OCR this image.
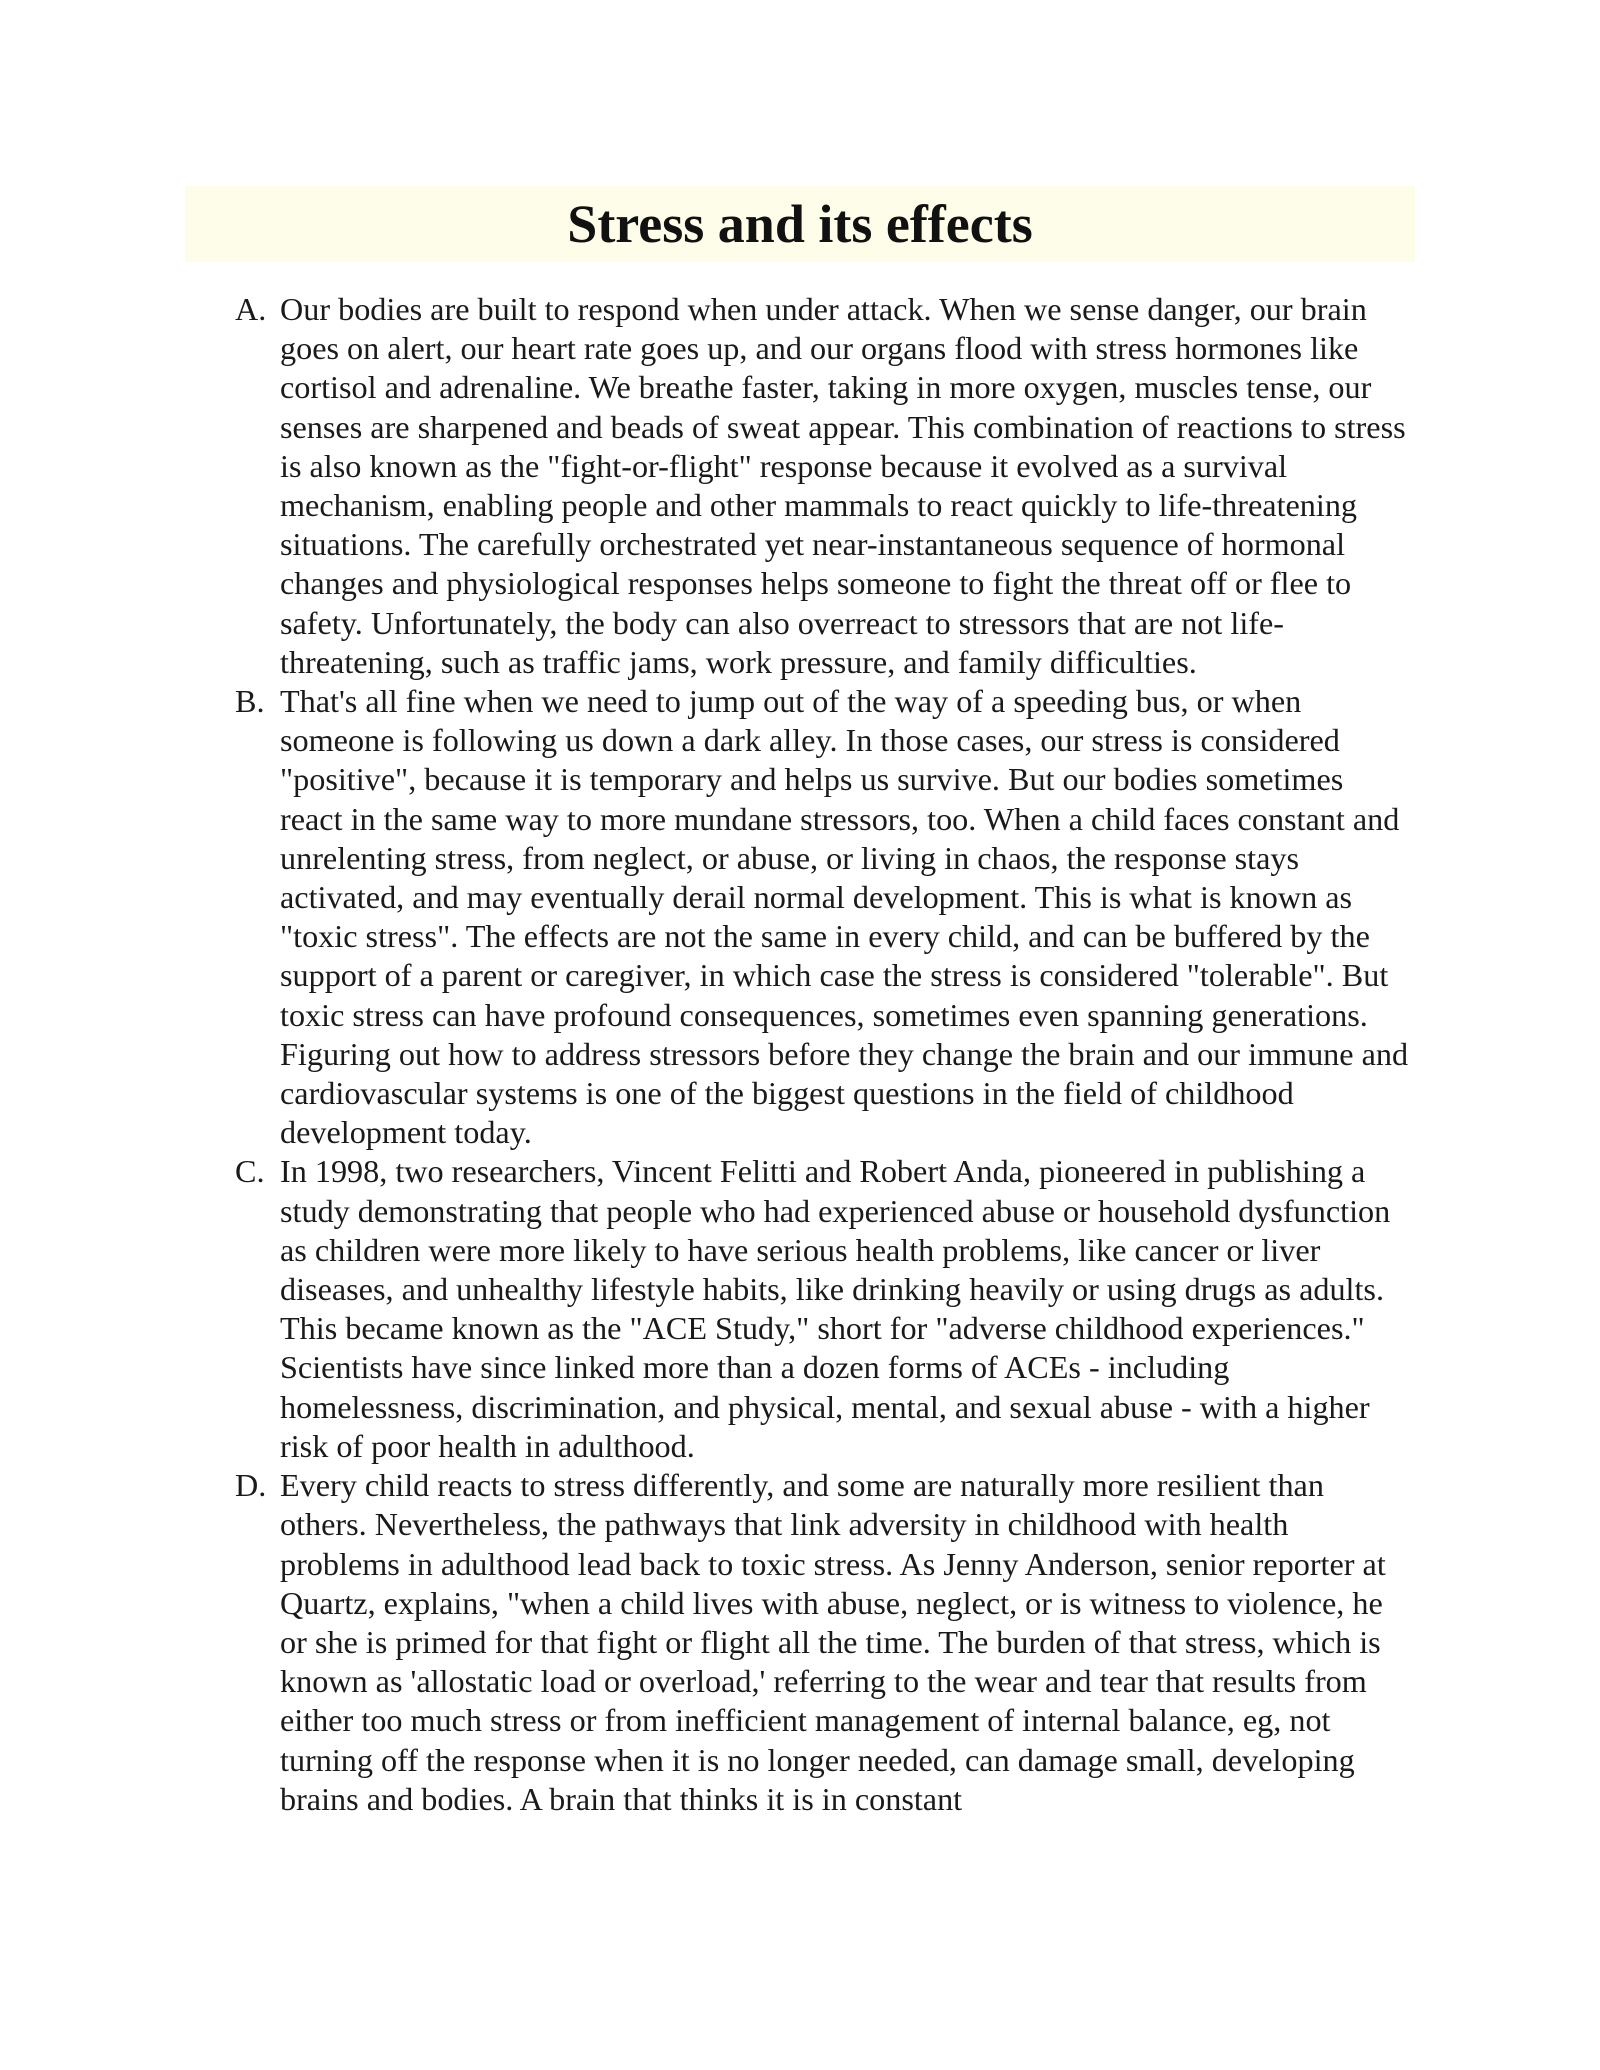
Stress and its effects
A. Our bodies are built to respond when under attack. When we sense danger, our brain goes on alert, our heart rate goes up, and our organs flood with stress hormones like cortisol and adrenaline. We breathe faster, taking in more oxygen, muscles tense, our senses are sharpened and beads of sweat appear. This combination of reactions to stress is also known as the "fight-or-flight" response because it evolved as a survival mechanism, enabling people and other mammals to react quickly to life-threatening situations. The carefully orchestrated yet near-instantaneous sequence of hormonal changes and physiological responses helps someone to fight the threat off or flee to safety. Unfortunately, the body can also overreact to stressors that are not life-threatening, such as traffic jams, work pressure, and family difficulties.
B. That's all fine when we need to jump out of the way of a speeding bus, or when someone is following us down a dark alley. In those cases, our stress is considered "positive", because it is temporary and helps us survive. But our bodies sometimes react in the same way to more mundane stressors, too. When a child faces constant and unrelenting stress, from neglect, or abuse, or living in chaos, the response stays activated, and may eventually derail normal development. This is what is known as "toxic stress". The effects are not the same in every child, and can be buffered by the support of a parent or caregiver, in which case the stress is considered "tolerable". But toxic stress can have profound consequences, sometimes even spanning generations. Figuring out how to address stressors before they change the brain and our immune and cardiovascular systems is one of the biggest questions in the field of childhood development today.
C. In 1998, two researchers, Vincent Felitti and Robert Anda, pioneered in publishing a study demonstrating that people who had experienced abuse or household dysfunction as children were more likely to have serious health problems, like cancer or liver diseases, and unhealthy lifestyle habits, like drinking heavily or using drugs as adults. This became known as the "ACE Study," short for "adverse childhood experiences." Scientists have since linked more than a dozen forms of ACEs - including homelessness, discrimination, and physical, mental, and sexual abuse - with a higher risk of poor health in adulthood.
D. Every child reacts to stress differently, and some are naturally more resilient than others. Nevertheless, the pathways that link adversity in childhood with health problems in adulthood lead back to toxic stress. As Jenny Anderson, senior reporter at Quartz, explains, "when a child lives with abuse, neglect, or is witness to violence, he or she is primed for that fight or flight all the time. The burden of that stress, which is known as 'allostatic load or overload,' referring to the wear and tear that results from either too much stress or from inefficient management of internal balance, eg, not turning off the response when it is no longer needed, can damage small, developing brains and bodies. A brain that thinks it is in constant
